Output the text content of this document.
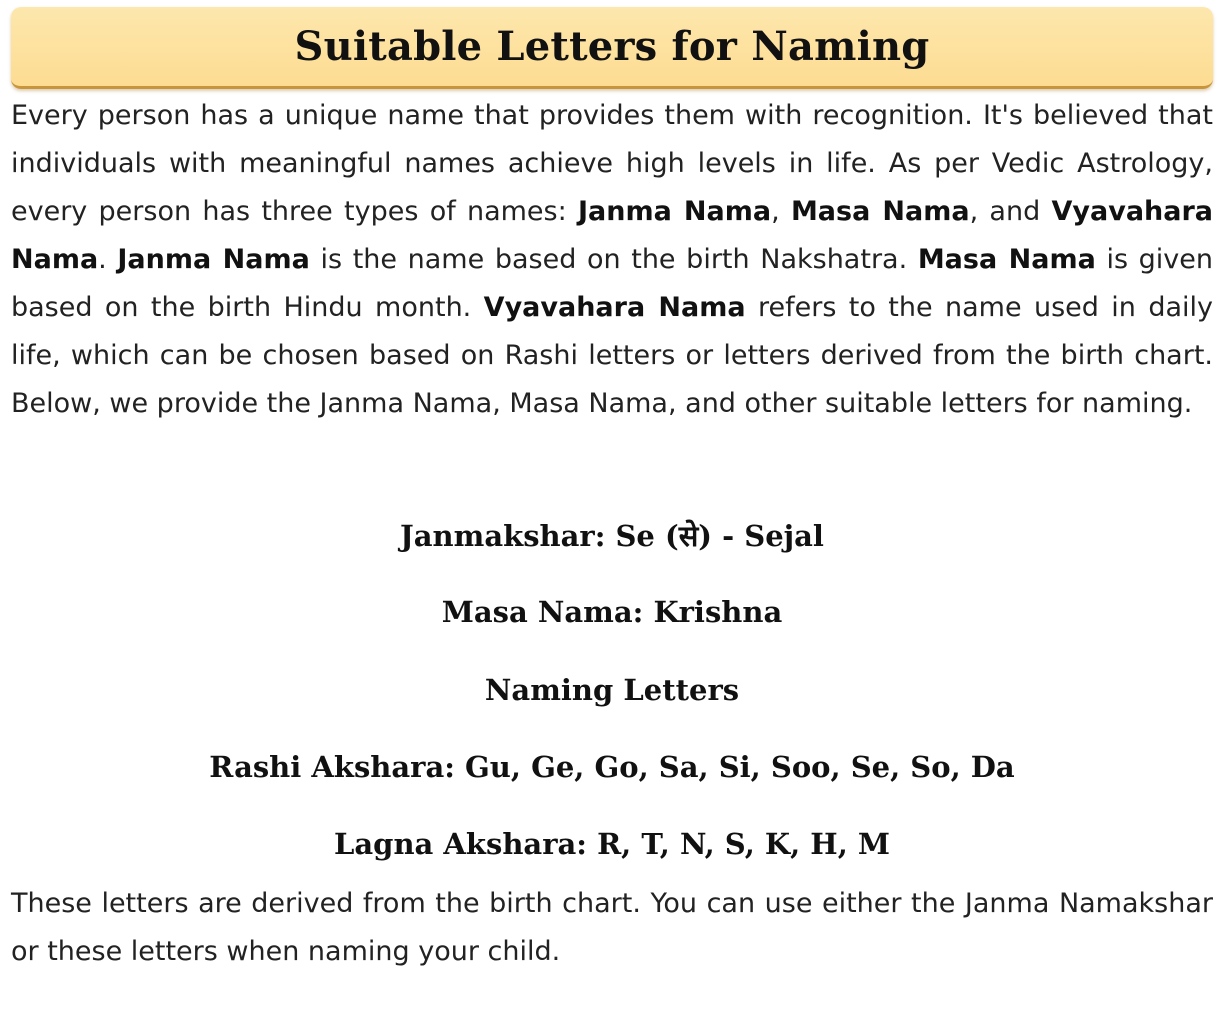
Suitable Letters for Naming

Every person has a unique name that provides them with recognition. It's believed that individuals with meaningful names achieve high levels in life. As per Vedic Astrology, every person has three types of names: Janma Nama, Masa Nama, and Vyavahara Nama. Janma Nama is the name based on the birth Nakshatra. Masa Nama is given based on the birth Hindu month. Vyavahara Nama refers to the name used in daily life, which can be chosen based on Rashi letters or letters derived from the birth chart. Below, we provide the Janma Nama, Masa Nama, and other suitable letters for naming.

Janmakshar: Se (से) - Sejal

Masa Nama: Krishna

Naming Letters

Rashi Akshara: Gu, Ge, Go, Sa, Si, Soo, Se, So, Da

Lagna Akshara: R, T, N, S, K, H, M

These letters are derived from the birth chart. You can use either the Janma Namakshar or these letters when naming your child.
